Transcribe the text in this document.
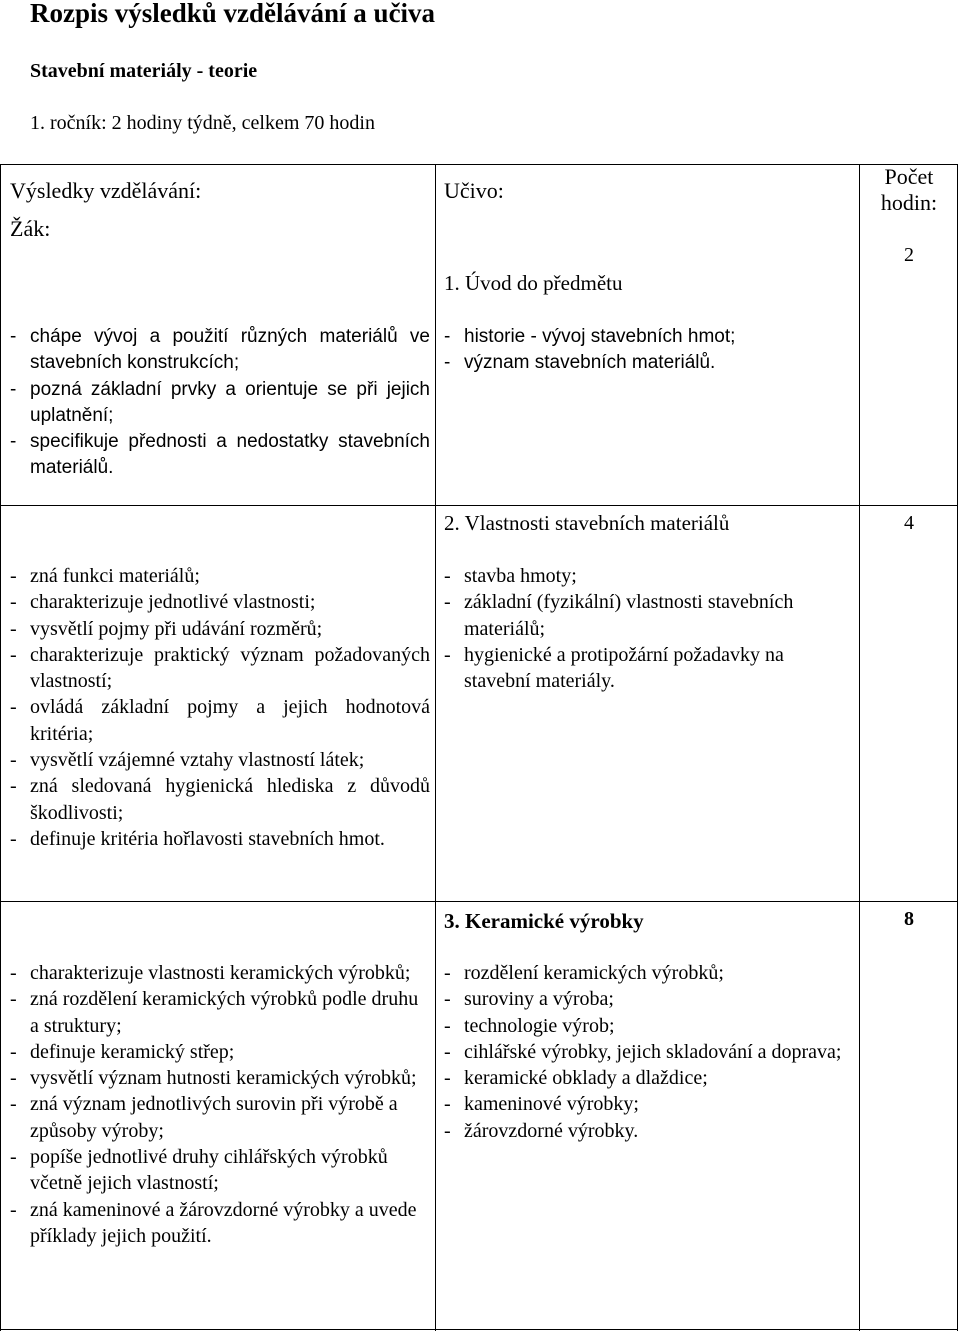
Rozpis výsledků vzdělávání a učiva
Stavební materiály - teorie
1. ročník: 2 hodiny týdně, celkem 70 hodin
Výsledky vzdělávání:
Žák:
Učivo:
Počet
hodin:
1. Úvod do předmětu
2
- chápe vývoj a použití různých materiálů ve stavebních konstrukcích;
- pozná základní prvky a orientuje se při jejich uplatnění;
- specifikuje přednosti a nedostatky stavebních materiálů.
- historie - vývoj stavebních hmot;
- význam stavebních materiálů.
2. Vlastnosti stavebních materiálů	4
- zná funkci materiálů;
- charakterizuje jednotlivé vlastnosti;
- vysvětlí pojmy při udávání rozměrů;
- charakterizuje praktický význam požadovaných vlastností;
- ovládá základní pojmy a jejich hodnotová kritéria;
- vysvětlí vzájemné vztahy vlastností látek;
- zná sledovaná hygienická hlediska z důvodů škodlivosti;
- definuje kritéria hořlavosti stavebních hmot.
- stavba hmoty;
- základní (fyzikální) vlastnosti stavebních materiálů;
- hygienické a protipožární požadavky na stavební materiály.
3. Keramické výrobky	8
- charakterizuje vlastnosti keramických výrobků;
- zná rozdělení keramických výrobků podle druhu a struktury;
- definuje keramický střep;
- vysvětlí význam hutnosti keramických výrobků;
- zná význam jednotlivých surovin při výrobě a způsoby výroby;
- popíše jednotlivé druhy cihlářských výrobků včetně jejich vlastností;
- zná kameninové a žárovzdorné výrobky a uvede příklady jejich použití.
- rozdělení keramických výrobků;
- suroviny a výroba;
- technologie výrob;
- cihlářské výrobky, jejich skladování a doprava;
- keramické obklady a dlaždice;
- kameninové výrobky;
- žárovzdorné výrobky.
